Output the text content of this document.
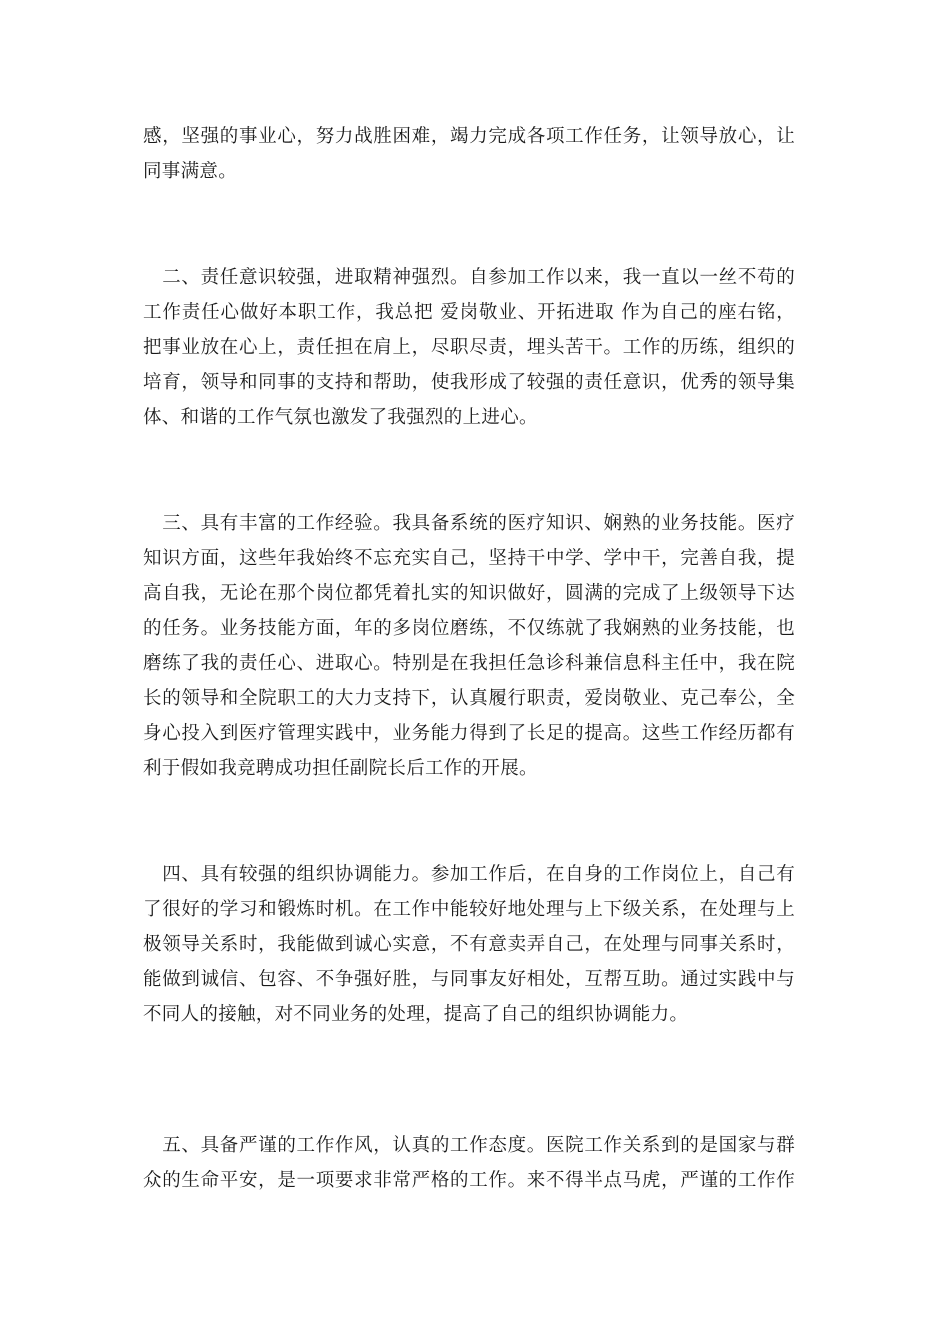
感，坚强的事业心，努力战胜困难，竭力完成各项工作任务，让领导放心，让
同事满意。
　二、责任意识较强，进取精神强烈。自参加工作以来，我一直以一丝不苟的
工作责任心做好本职工作，我总把 爱岗敬业、开拓进取 作为自己的座右铭，
把事业放在心上，责任担在肩上，尽职尽责，埋头苦干。工作的历练，组织的
培育，领导和同事的支持和帮助，使我形成了较强的责任意识，优秀的领导集
体、和谐的工作气氛也激发了我强烈的上进心。
　三、具有丰富的工作经验。我具备系统的医疗知识、娴熟的业务技能。医疗
知识方面，这些年我始终不忘充实自己，坚持干中学、学中干，完善自我，提
高自我，无论在那个岗位都凭着扎实的知识做好，圆满的完成了上级领导下达
的任务。业务技能方面，年的多岗位磨练，不仅练就了我娴熟的业务技能，也
磨练了我的责任心、进取心。特别是在我担任急诊科兼信息科主任中，我在院
长的领导和全院职工的大力支持下，认真履行职责，爱岗敬业、克己奉公，全
身心投入到医疗管理实践中，业务能力得到了长足的提高。这些工作经历都有
利于假如我竞聘成功担任副院长后工作的开展。
　四、具有较强的组织协调能力。参加工作后，在自身的工作岗位上，自己有
了很好的学习和锻炼时机。在工作中能较好地处理与上下级关系，在处理与上
极领导关系时，我能做到诚心实意，不有意卖弄自己，在处理与同事关系时，
能做到诚信、包容、不争强好胜，与同事友好相处，互帮互助。通过实践中与
不同人的接触，对不同业务的处理，提高了自己的组织协调能力。
　五、具备严谨的工作作风，认真的工作态度。医院工作关系到的是国家与群
众的生命平安，是一项要求非常严格的工作。来不得半点马虎，严谨的工作作
